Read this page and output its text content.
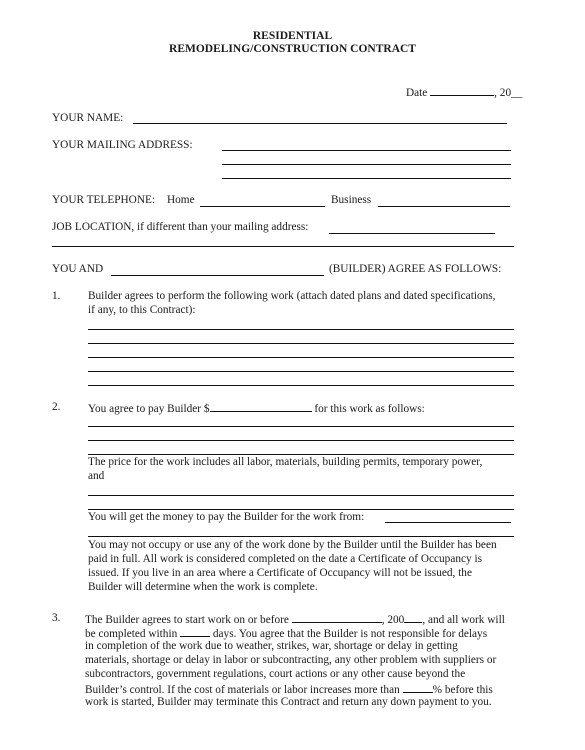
RESIDENTIAL
REMODELING/CONSTRUCTION CONTRACT
Date	, 20__
YOUR NAME:
YOUR MAILING ADDRESS:
YOUR TELEPHONE: Home	Business
JOB LOCATION, if different than your mailing address:
YOU AND	(BUILDER) AGREE AS FOLLOWS:
1. Builder agrees to perform the following work (attach dated plans and dated specifications,
if any, to this Contract):
2. You agree to pay Builder $	for this work as follows:
The price for the work includes all labor, materials, building permits, temporary power,
and
You will get the money to pay the Builder for the work from:
You may not occupy or use any of the work done by the Builder until the Builder has been
paid in full. All work is considered completed on the date a Certificate of Occupancy is
issued. If you live in an area where a Certificate of Occupancy will not be issued, the
Builder will determine when the work is complete.
3. The Builder agrees to start work on or before	, 200 , and all work will
be completed within	days. You agree that the Builder is not responsible for delays
in completion of the work due to weather, strikes, war, shortage or delay in getting
materials, shortage or delay in labor or subcontracting, any other problem with suppliers or
subcontractors, government regulations, court actions or any other cause beyond the
Builder’s control. If the cost of materials or labor increases more than	% before this
work is started, Builder may terminate this Contract and return any down payment to you.
